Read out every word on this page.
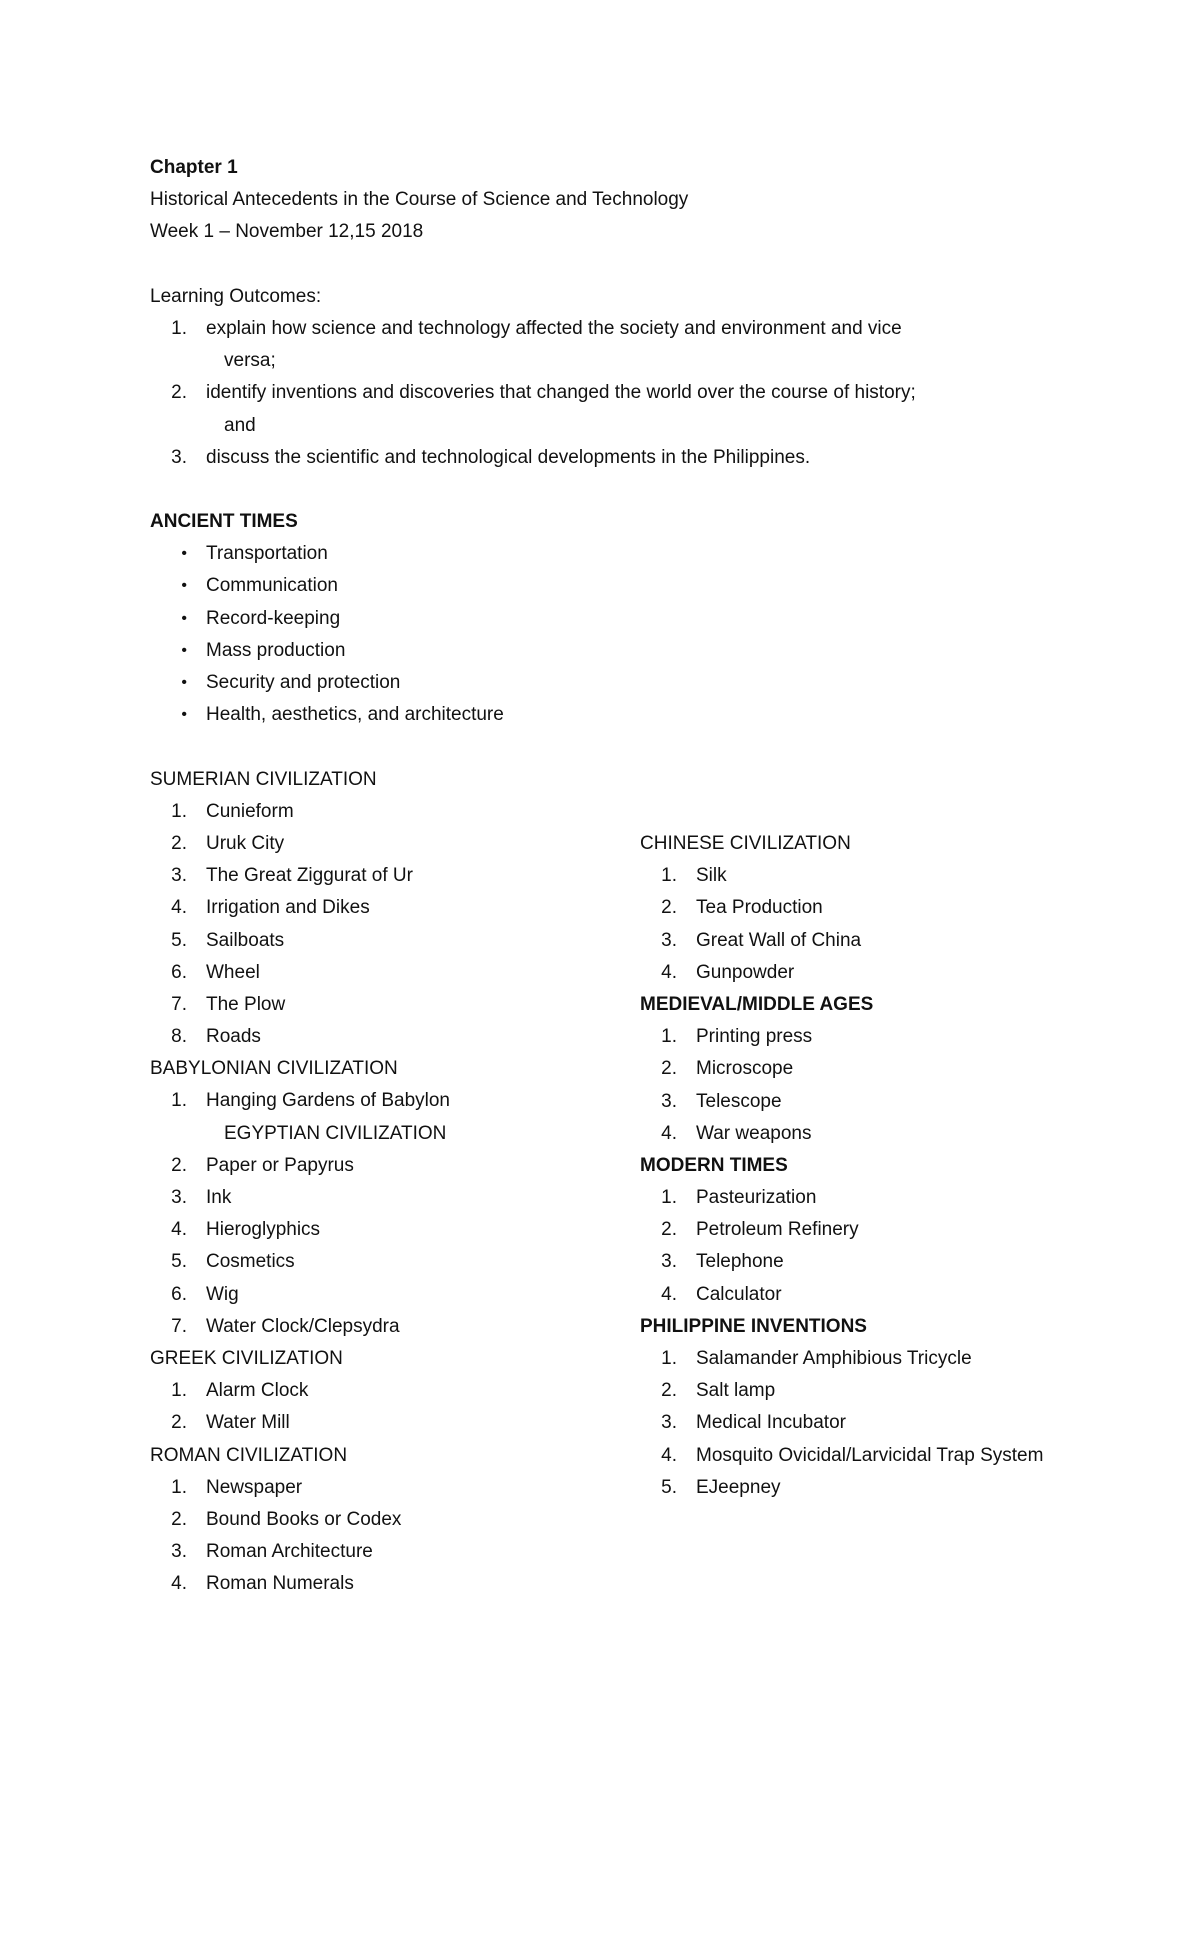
Chapter 1
Historical Antecedents in the Course of Science and Technology
Week 1 – November 12,15 2018
Learning Outcomes:
1.	explain how science and technology affected the society and environment and vice
versa;
2.	identify inventions and discoveries that changed the world over the course of history;
and
3.	discuss the scientific and technological developments in the Philippines.
ANCIENT TIMES
•	Transportation
•	Communication
•	Record-keeping
•	Mass production
•	Security and protection
•	Health, aesthetics, and architecture
SUMERIAN CIVILIZATION
1.	Cunieform
2.	Uruk City
3.	The Great Ziggurat of Ur
4.	Irrigation and Dikes
5.	Sailboats
6.	Wheel
7.	The Plow
8.	Roads
BABYLONIAN CIVILIZATION
1.	Hanging Gardens of Babylon
EGYPTIAN CIVILIZATION
2.	Paper or Papyrus
3.	Ink
4.	Hieroglyphics
5.	Cosmetics
6.	Wig
7.	Water Clock/Clepsydra
GREEK CIVILIZATION
1.	Alarm Clock
2.	Water Mill
ROMAN CIVILIZATION
1.	Newspaper
2.	Bound Books or Codex
3.	Roman Architecture
4.	Roman Numerals
CHINESE CIVILIZATION
1.	Silk
2.	Tea Production
3.	Great Wall of China
4.	Gunpowder
MEDIEVAL/MIDDLE AGES
1.	Printing press
2.	Microscope
3.	Telescope
4.	War weapons
MODERN TIMES
1.	Pasteurization
2.	Petroleum Refinery
3.	Telephone
4.	Calculator
PHILIPPINE INVENTIONS
1.	Salamander Amphibious Tricycle
2.	Salt lamp
3.	Medical Incubator
4.	Mosquito Ovicidal/Larvicidal Trap System
5.	EJeepney
